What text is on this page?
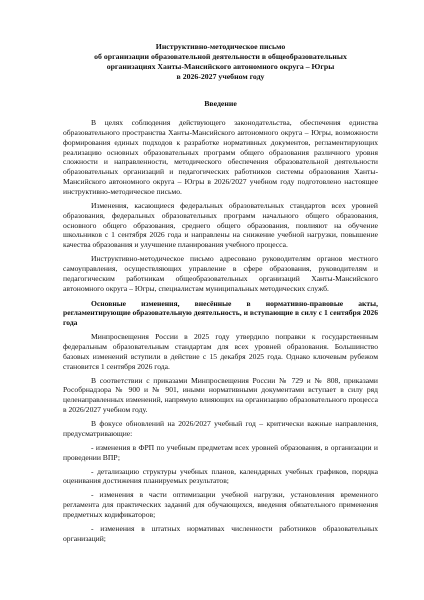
Инструктивно-методическое письмо
об организации образовательной деятельности в общеобразовательных
организациях Ханты-Мансийского автономного округа – Югры
в 2026-2027 учебном году
Введение

В целях соблюдения действующего законодательства, обеспечения единства образовательного пространства Ханты-Мансийского автономного округа – Югры, возможности формирования единых подходов к разработке нормативных документов, регламентирующих реализацию основных образовательных программ общего образования различного уровня сложности и направленности, методического обеспечения образовательной деятельности образовательных организаций и педагогических работников системы образования Ханты-Мансийского автономного округа – Югры в 2026/2027 учебном году подготовлено настоящее инструктивно-методическое письмо.

Изменения, касающиеся федеральных образовательных стандартов всех уровней образования, федеральных образовательных программ начального общего образования, основного общего образования, среднего общего образования, повлияют на обучение школьников с 1 сентября 2026 года и направлены на снижение учебной нагрузки, повышение качества образования и улучшение планирования учебного процесса.

Инструктивно-методическое письмо адресовано руководителям органов местного самоуправления, осуществляющих управление в сфере образования, руководителям и педагогическим работникам общеобразовательных организаций Ханты-Мансийского автономного округа – Югры, специалистам муниципальных методических служб.

Основные изменения, внесённые в нормативно-правовые акты, регламентирующие образовательную деятельность, и вступающие в силу с 1 сентября 2026 года

Минпросвещения России в 2025 году утвердило поправки к государственным федеральным образовательным стандартам для всех уровней образования. Большинство базовых изменений вступили в действие с 15 декабря 2025 года. Однако ключевым рубежом становится 1 сентября 2026 года.

В соответствии с приказами Минпросвещения России № 729 и № 808, приказами Рособрнадзора № 900 и № 901, иными нормативными документами вступает в силу ряд целенаправленных изменений, напрямую влияющих на организацию образовательного процесса в 2026/2027 учебном году.

В фокусе обновлений на 2026/2027 учебный год – критически важные направления, предусматривающие:

- изменения в ФРП по учебным предметам всех уровней образования, в организации и проведении ВПР;

- детализацию структуры учебных планов, календарных учебных графиков, порядка оценивания достижения планируемых результатов;

- изменения в части оптимизации учебной нагрузки, установления временного регламента для практических заданий для обучающихся, введения обязательного применения предметных кодификаторов;

- изменения в штатных нормативах численности работников образовательных организаций;
